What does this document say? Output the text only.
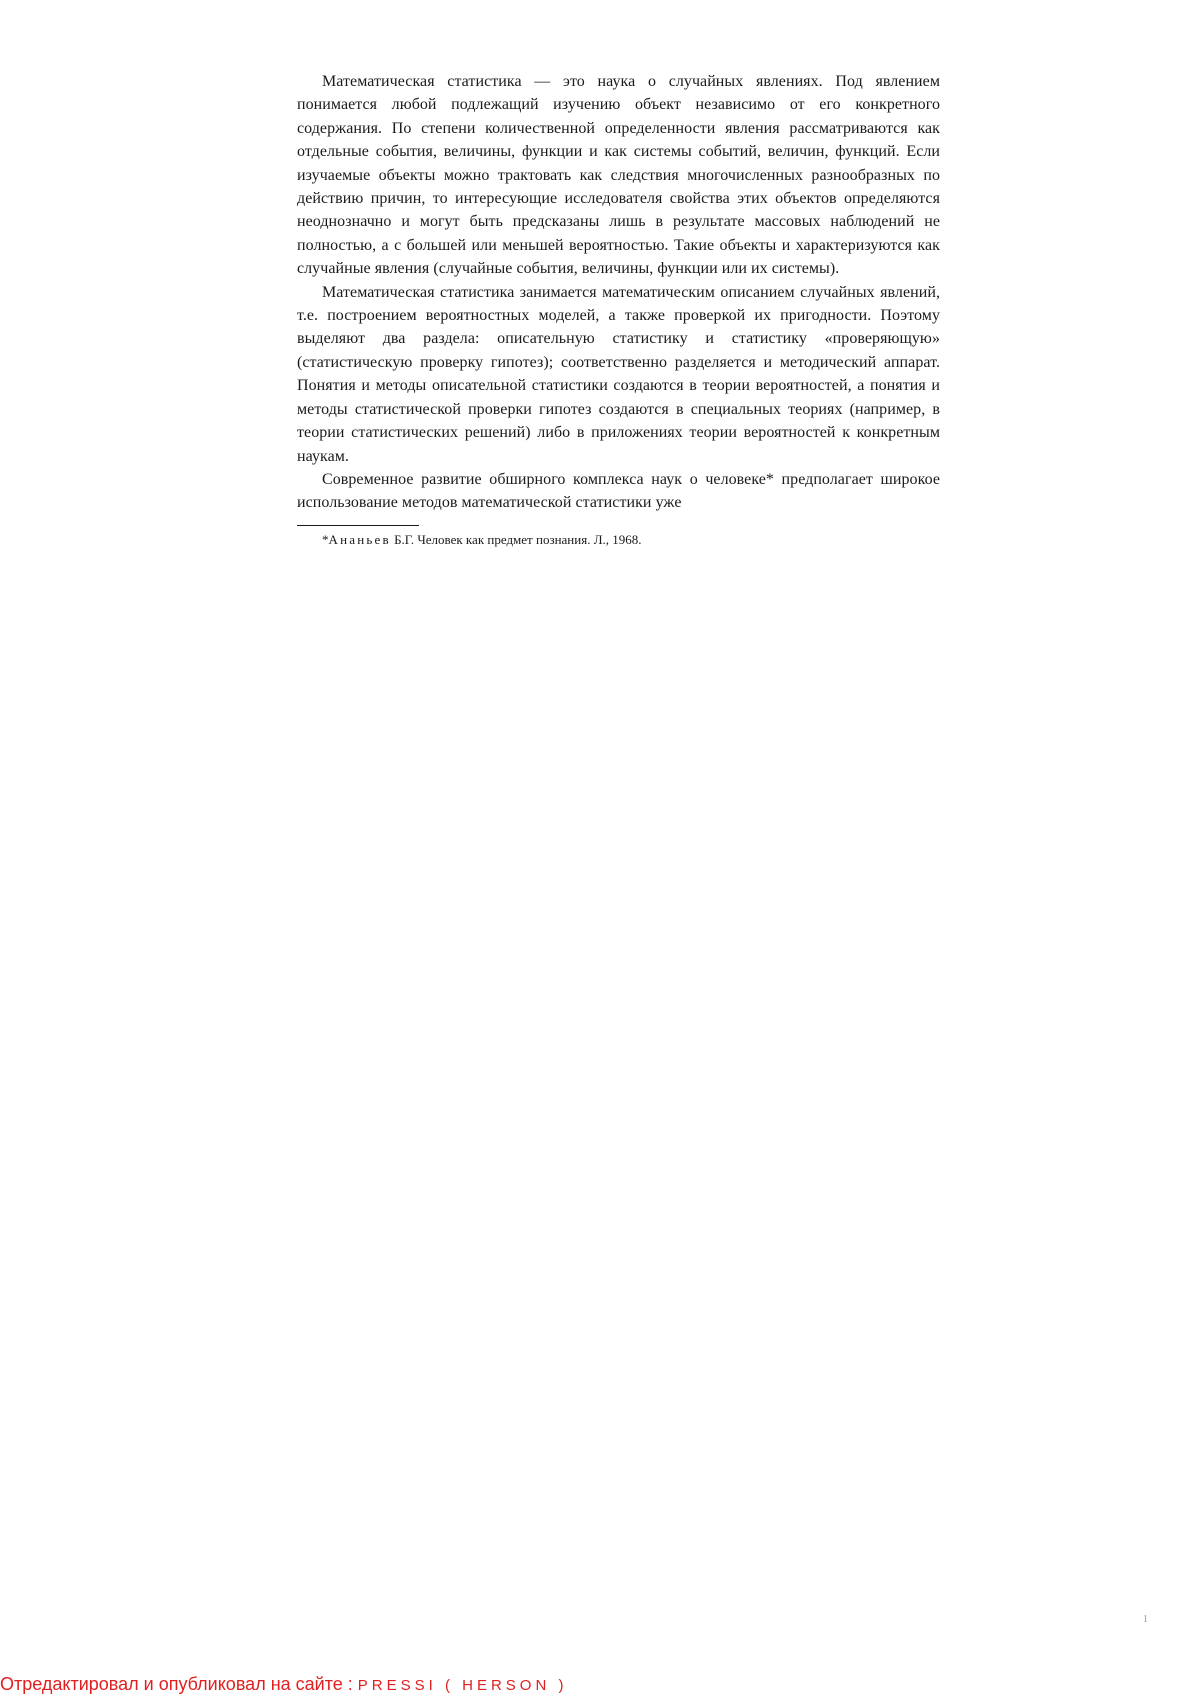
Математическая статистика — это наука о случайных явлениях. Под явлением понимается любой подлежащий изучению объект независимо от его конкретного содержания. По степени количественной определенности явления рассматриваются как отдельные события, величины, функции и как системы событий, величин, функций. Если изучаемые объекты можно трактовать как следствия многочисленных разнообразных по действию причин, то интересующие исследователя свойства этих объектов определяются неоднозначно и могут быть предсказаны лишь в результате массовых наблюдений не полностью, а с большей или меньшей вероятностью. Такие объекты и характеризуются как случайные явления (случайные события, величины, функции или их системы).

Математическая статистика занимается математическим описанием случайных явлений, т.е. построением вероятностных моделей, а также проверкой их пригодности. Поэтому выделяют два раздела: описательную статистику и статистику «проверяющую» (статистическую проверку гипотез); соответственно разделяется и методический аппарат. Понятия и методы описательной статистики создаются в теории вероятностей, а понятия и методы статистической проверки гипотез создаются в специальных теориях (например, в теории статистических решений) либо в приложениях теории вероятностей к конкретным наукам.

Современное развитие обширного комплекса наук о человеке* предполагает широкое использование методов математической статистики уже

*Ананьев Б.Г. Человек как предмет познания. Л., 1968.

1
Отредактировал и опубликовал на сайте : PRESSI ( HERSON )
